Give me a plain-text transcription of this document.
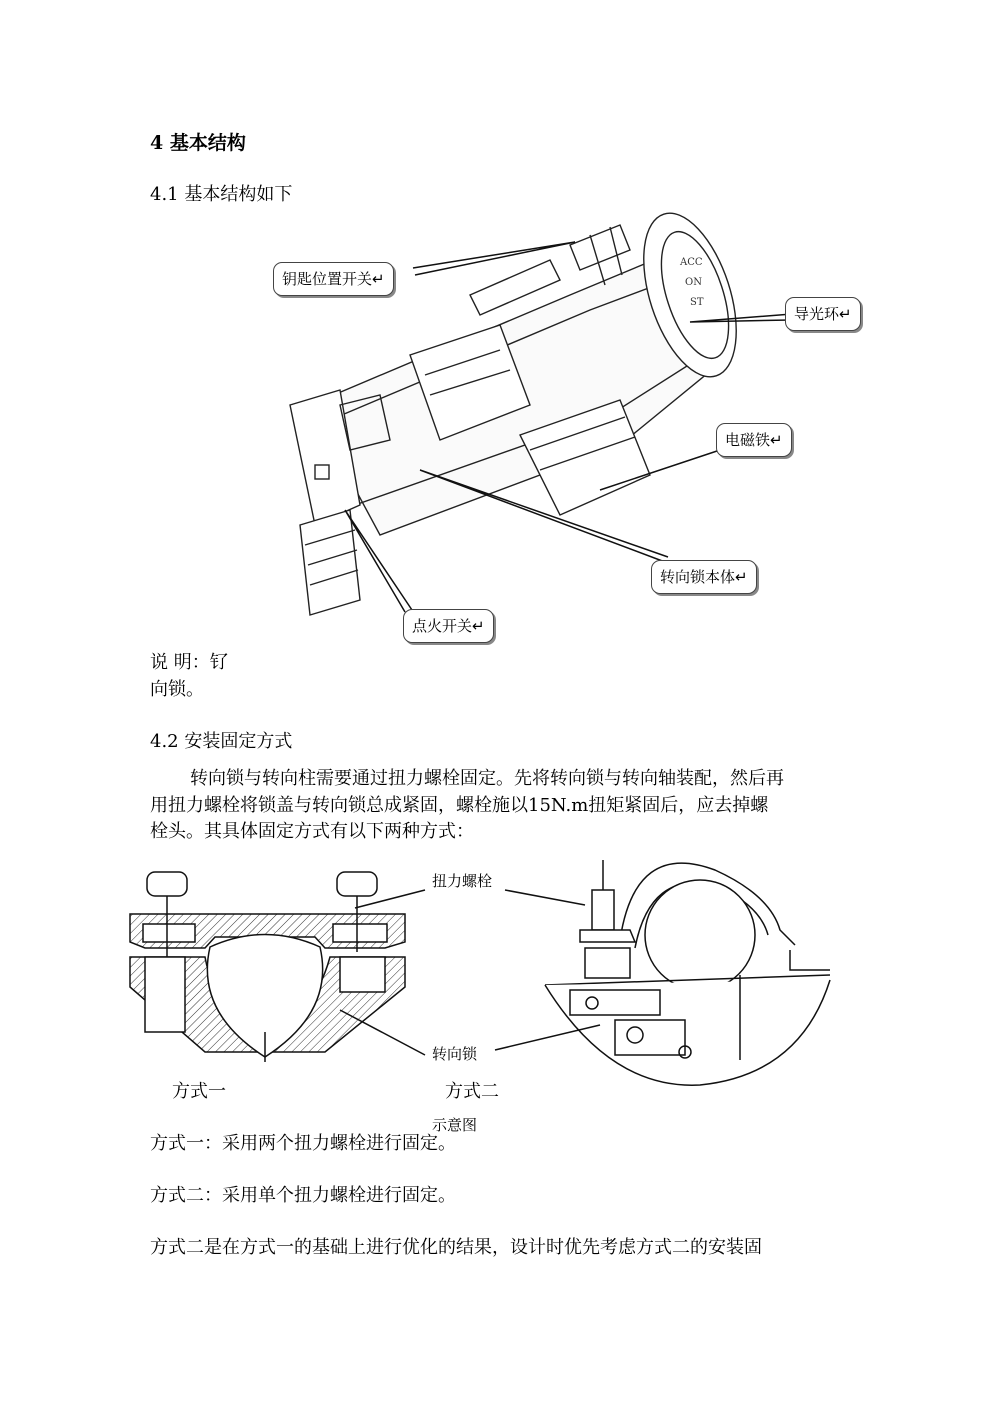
4 基本结构
4.1 基本结构如下
ACC
ON
ST
钥匙位置开关↵
导光环↵
电磁铁↵
转向锁本体↵
点火开关↵
说 明：钌
向锁。
4.2 安装固定方式
转向锁与转向柱需要通过扭力螺栓固定。先将转向锁与转向轴装配，然后再
用扭力螺栓将锁盖与转向锁总成紧固，螺栓施以15N.m扭矩紧固后，应去掉螺
栓头。其具体固定方式有以下两种方式：
扭力螺栓
转向锁
方式一	方式二
示意图
方式一：采用两个扭力螺栓进行固定。
方式二：采用单个扭力螺栓进行固定。
方式二是在方式一的基础上进行优化的结果，设计时优先考虑方式二的安装固
